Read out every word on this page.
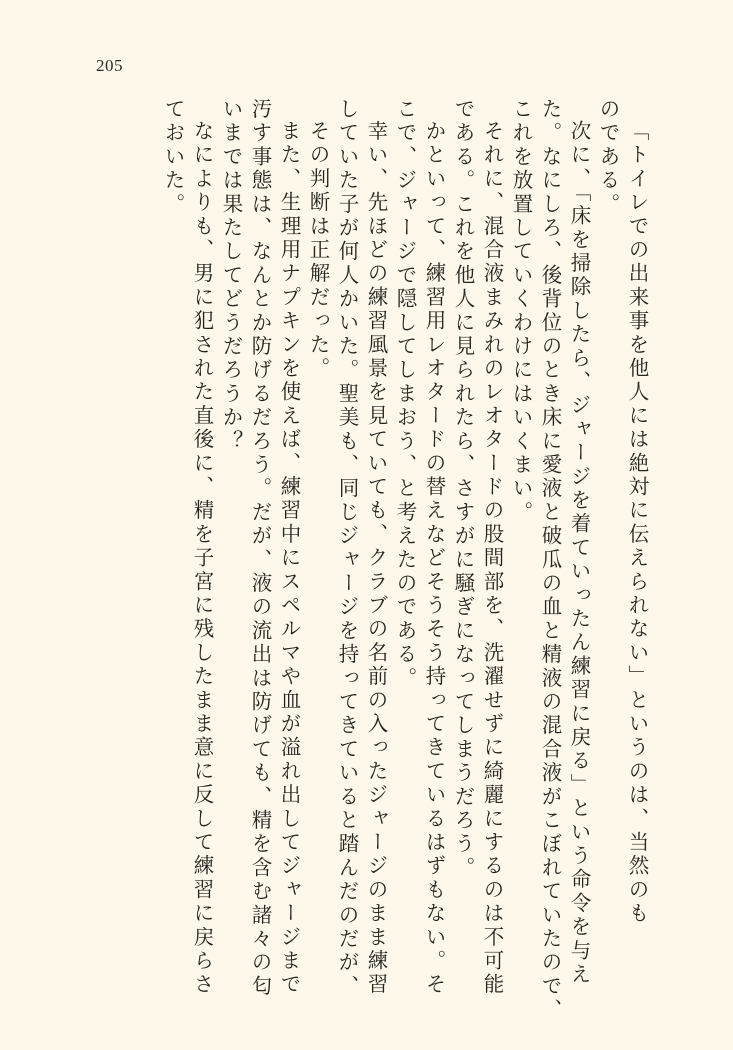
205
「トイレでの出来事を他人には絶対に伝えられない」というのは、当然のも
のである。
次に、「床を掃除したら、ジャージを着ていったん練習に戻る」という命令を与え
た。なにしろ、後背位のとき床に愛液と破瓜の血と精液の混合液がこぼれていたので、
これを放置していくわけにはいくまい。
それに、混合液まみれのレオタードの股間部を、洗濯せずに綺麗にするのは不可能
である。これを他人に見られたら、さすがに騒ぎになってしまうだろう。
かといって、練習用レオタードの替えなどそうそう持ってきているはずもない。そ
こで、ジャージで隠してしまおう、と考えたのである。
幸い、先ほどの練習風景を見ていても、クラブの名前の入ったジャージのまま練習
していた子が何人かいた。聖美も、同じジャージを持ってきていると踏んだのだが、
その判断は正解だった。
また、生理用ナプキンを使えば、練習中にスペルマや血が溢れ出してジャージまで
汚す事態は、なんとか防げるだろう。だが、液の流出は防げても、精を含む諸々の匂
いまでは果たしてどうだろうか？
なによりも、男に犯された直後に、精を子宮に残したまま意に反して練習に戻らさ
ておいた。
